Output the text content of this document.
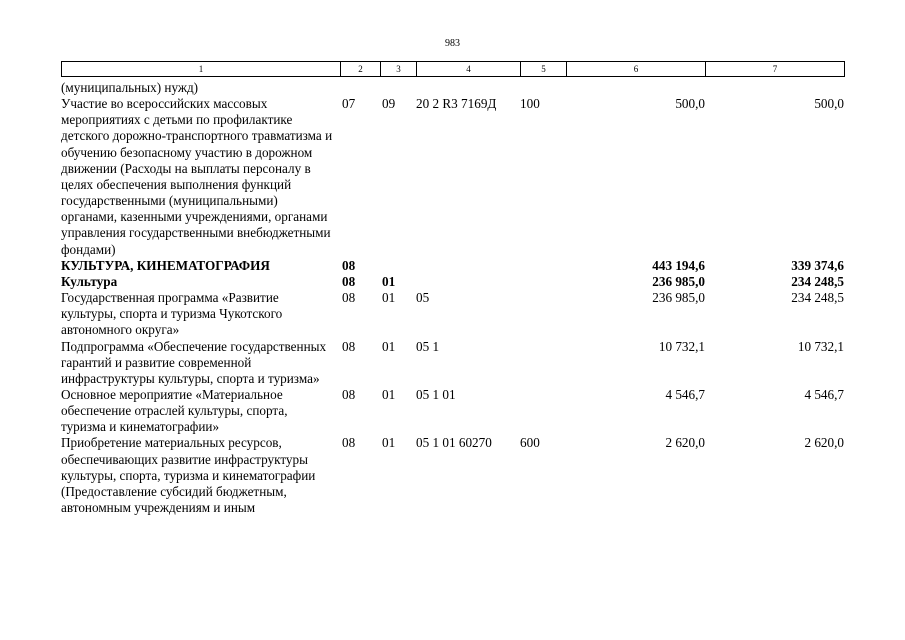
983
1	2	3	4	5	6	7
(муниципальных) нужд)						
Участие во всероссийских массовых мероприятиях с детьми по профилактике детского дорожно-транспортного травматизма и обучению безопасному участию в дорожном движении (Расходы на выплаты персоналу в целях обеспечения выполнения функций государственными (муниципальными) органами, казенными учреждениями, органами управления государственными внебюджетными фондами)	07	09	20 2 R3 7169Д	100	500,0	500,0
КУЛЬТУРА, КИНЕМАТОГРАФИЯ	08				443 194,6	339 374,6
Культура	08	01			236 985,0	234 248,5
Государственная программа «Развитие культуры, спорта и туризма Чукотского автономного округа»	08	01	05		236 985,0	234 248,5
Подпрограмма «Обеспечение государственных гарантий и развитие современной инфраструктуры культуры, спорта и туризма»	08	01	05 1		10 732,1	10 732,1
Основное мероприятие «Материальное обеспечение отраслей культуры, спорта, туризма и кинематографии»	08	01	05 1 01		4 546,7	4 546,7
Приобретение материальных ресурсов, обеспечивающих развитие инфраструктуры культуры, спорта, туризма и кинематографии (Предоставление субсидий бюджетным, автономным учреждениям и иным	08	01	05 1 01 60270	600	2 620,0	2 620,0
